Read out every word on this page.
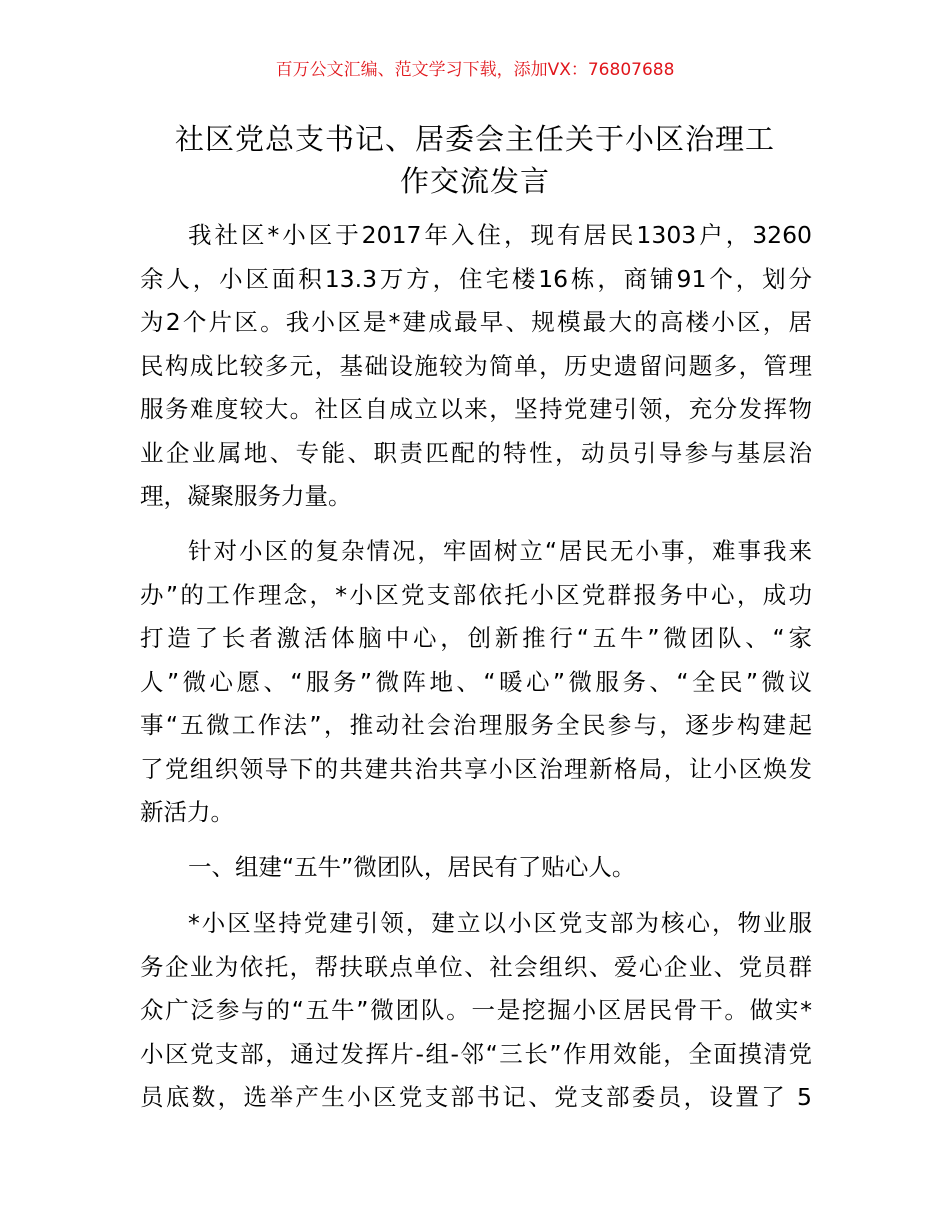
百万公文汇编、范文学习下载，添加VX：76807688
社区党总支书记、居委会主任关于小区治理工
作交流发言
我社区*小区于2017年入住，现有居民1303户，3260
余人，小区面积13.3万方，住宅楼16栋，商铺91个，划分
为2个片区。我小区是*建成最早、规模最大的高楼小区，居
民构成比较多元，基础设施较为简单，历史遗留问题多，管理
服务难度较大。社区自成立以来，坚持党建引领，充分发挥物
业企业属地、专能、职责匹配的特性，动员引导参与基层治
理，凝聚服务力量。
针对小区的复杂情况，牢固树立“居民无小事，难事我来
办”的工作理念，*小区党支部依托小区党群报务中心，成功
打造了长者激活体脑中心，创新推行“五牛”微团队、“家
人”微心愿、“服务”微阵地、“暖心”微服务、“全民”微议
事“五微工作法”，推动社会治理服务全民参与，逐步构建起
了党组织领导下的共建共治共享小区治理新格局，让小区焕发
新活力。
一、组建“五牛”微团队，居民有了贴心人。
*小区坚持党建引领，建立以小区党支部为核心，物业服
务企业为依托，帮扶联点单位、社会组织、爱心企业、党员群
众广泛参与的“五牛”微团队。一是挖掘小区居民骨干。做实*
小区党支部，通过发挥片-组-邻“三长”作用效能，全面摸清党
员底数，选举产生小区党支部书记、党支部委员，设置了 5
